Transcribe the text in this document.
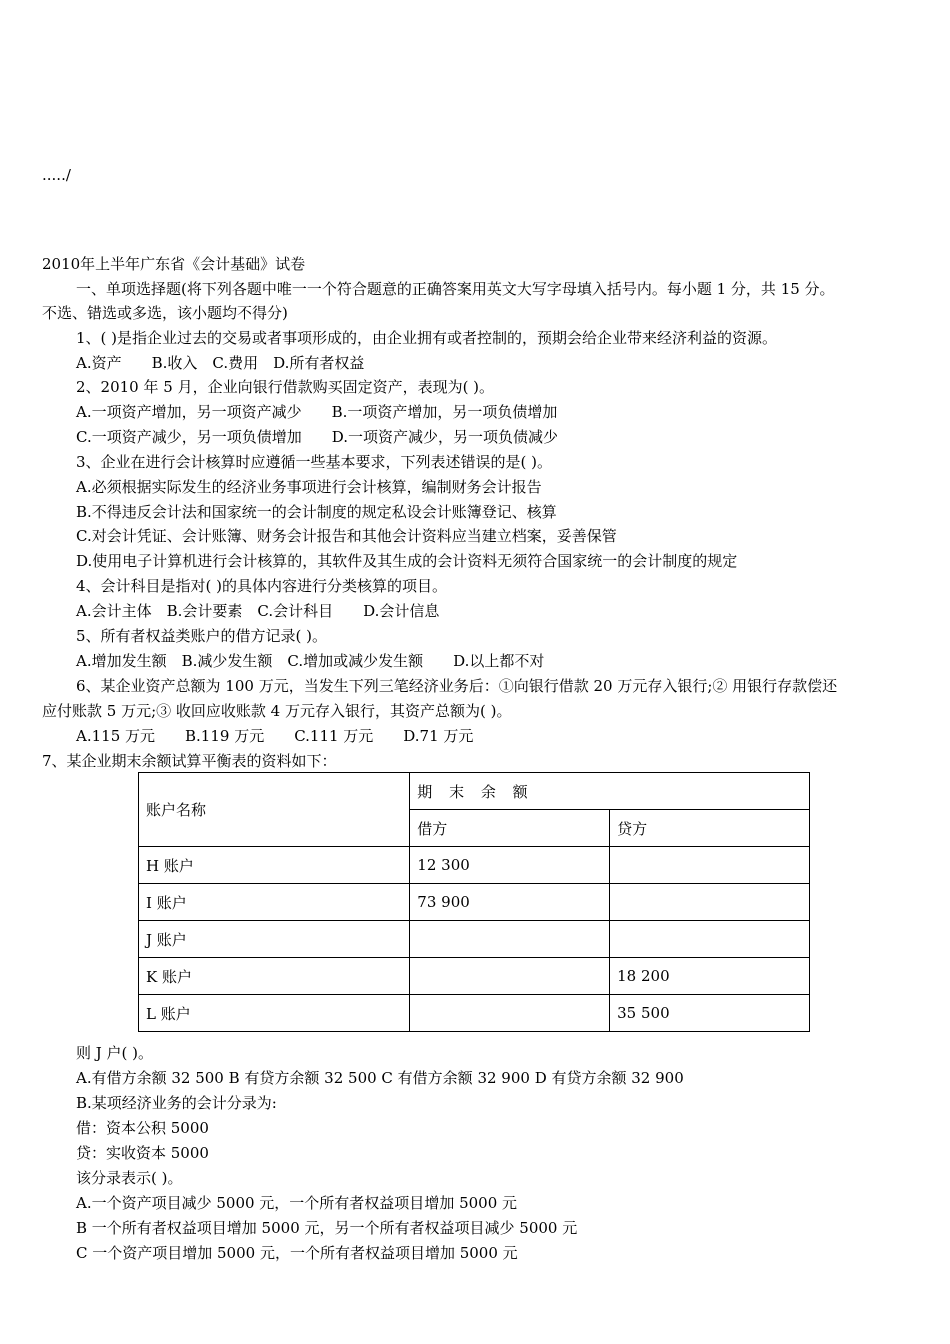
...../
2010年上半年广东省《会计基础》试卷
一、单项选择题(将下列各题中唯一一个符合题意的正确答案用英文大写字母填入括号内。每小题 1 分，共 15 分。
不选、错选或多选，该小题均不得分)
1、( )是指企业过去的交易或者事项形成的，由企业拥有或者控制的，预期会给企业带来经济利益的资源。
A.资产　　B.收入　C.费用　D.所有者权益
2、2010 年 5 月，企业向银行借款购买固定资产，表现为( )。
A.一项资产增加，另一项资产减少　　B.一项资产增加，另一项负债增加
C.一项资产减少，另一项负债增加　　D.一项资产减少，另一项负债减少
3、企业在进行会计核算时应遵循一些基本要求，下列表述错误的是( )。
A.必须根据实际发生的经济业务事项进行会计核算，编制财务会计报告
B.不得违反会计法和国家统一的会计制度的规定私设会计账簿登记、核算
C.对会计凭证、会计账簿、财务会计报告和其他会计资料应当建立档案，妥善保管
D.使用电子计算机进行会计核算的，其软件及其生成的会计资料无须符合国家统一的会计制度的规定
4、会计科目是指对( )的具体内容进行分类核算的项目。
A.会计主体　B.会计要素　C.会计科目　　D.会计信息
5、所有者权益类账户的借方记录( )。
A.增加发生额　B.减少发生额　C.增加或减少发生额　　D.以上都不对
6、某企业资产总额为 100 万元，当发生下列三笔经济业务后：①向银行借款 20 万元存入银行;② 用银行存款偿还
应付账款 5 万元;③ 收回应收账款 4 万元存入银行，其资产总额为( )。
A.115 万元　　B.119 万元　　C.111 万元　　D.71 万元
7、某企业期末余额试算平衡表的资料如下：
账户名称	期 末 余 额	
	借方	贷方
H 账户	12 300	
I 账户	73 900	
J 账户		
K 账户		18 200
L 账户		35 500
则 J 户( )。
A.有借方余额 32 500 B 有贷方余额 32 500 C 有借方余额 32 900 D 有贷方余额 32 900
B.某项经济业务的会计分录为:
借：资本公积 5000
贷：实收资本 5000
该分录表示( )。
A.一个资产项目减少 5000 元，一个所有者权益项目增加 5000 元
B 一个所有者权益项目增加 5000 元，另一个所有者权益项目减少 5000 元
C 一个资产项目增加 5000 元，一个所有者权益项目增加 5000 元
